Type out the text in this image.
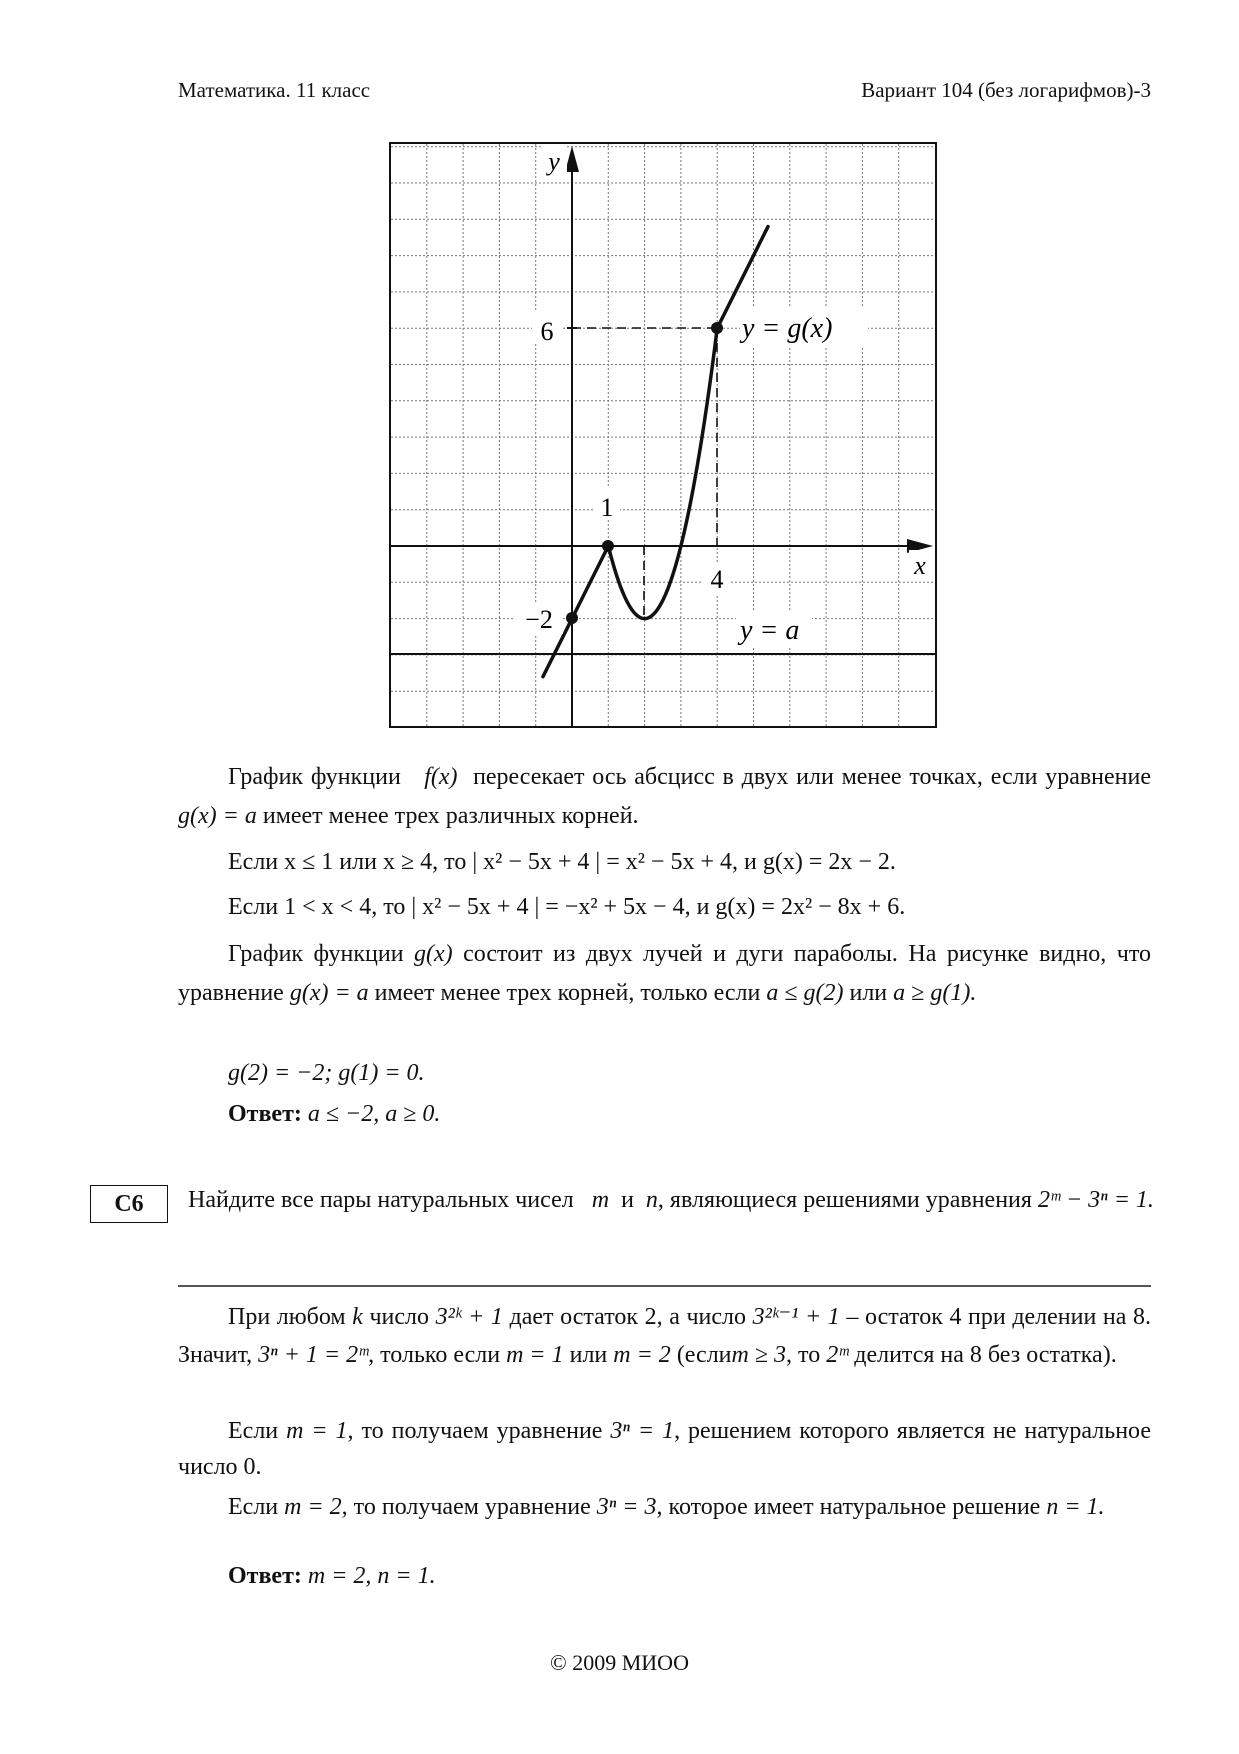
Математика. 11 класс	Вариант 104 (без логарифмов)-3
6
1
4
−2
x
y
y = g(x)
y = a
График функции f(x) пересекает ось абсцисс в двух или менее точках, если уравнение g(x) = a имеет менее трех различных корней.
Если x ≤ 1 или x ≥ 4, то | x² − 5x + 4 | = x² − 5x + 4, и g(x) = 2x − 2.
Если 1 < x < 4, то | x² − 5x + 4 | = −x² + 5x − 4, и g(x) = 2x² − 8x + 6.
График функции g(x) состоит из двух лучей и дуги параболы. На рисунке видно, что уравнение g(x) = a имеет менее трех корней, только если a ≤ g(2) или a ≥ g(1).
g(2) = −2; g(1) = 0.
Ответ: a ≤ −2, a ≥ 0.
С6	Найдите все пары натуральных чисел m и n, являющиеся решениями уравнения 2ᵐ − 3ⁿ = 1.
При любом k число 3²ᵏ + 1 дает остаток 2, а число 3²ᵏ⁻¹ + 1 – остаток 4 при делении на 8. Значит, 3ⁿ + 1 = 2ᵐ, только если m = 1 или m = 2 (еслиm ≥ 3, то 2ᵐ делится на 8 без остатка).
Если m = 1, то получаем уравнение 3ⁿ = 1, решением которого является не натуральное число 0.
Если m = 2, то получаем уравнение 3ⁿ = 3, которое имеет натуральное решение n = 1.
Ответ: m = 2, n = 1.
© 2009 МИОО
